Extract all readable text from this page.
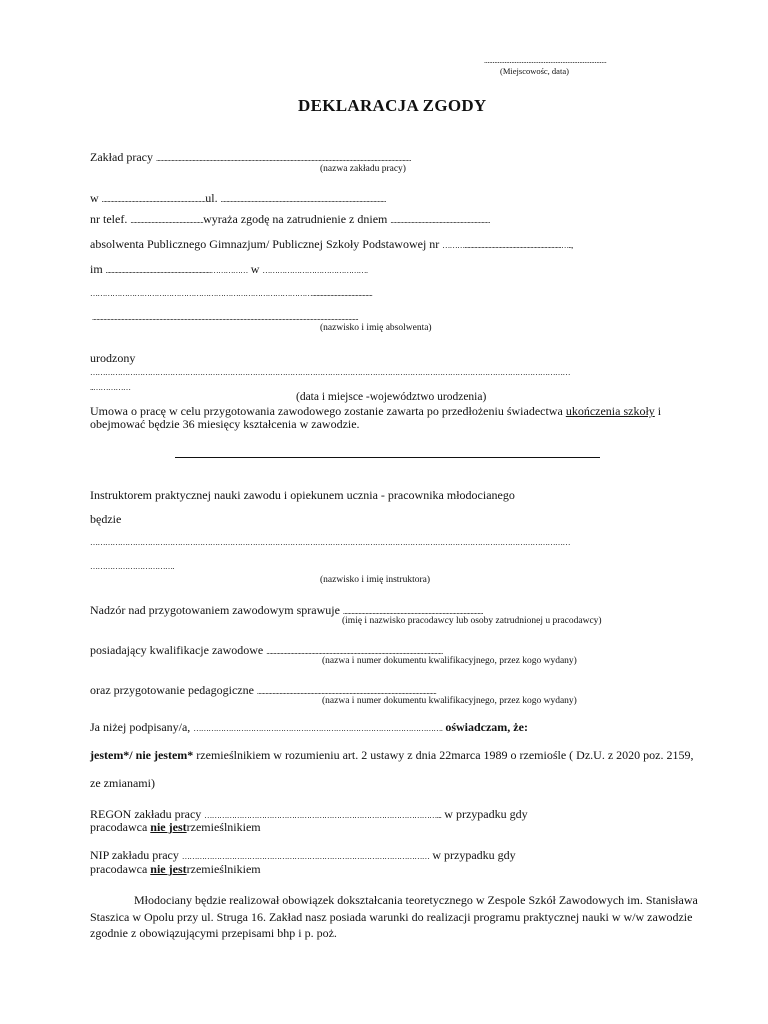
........................................................................
(Miejscowośc, data)
DEKLARACJA ZGODY
Zakład pracy ......................................................................................................................................................................................
(nazwa zakładu pracy)
w ..........................................................................ul. ......................................................................................................................
nr telef. ....................................................wyraża zgodę na zatrudnienie z dniem .......................................................................
absolwenta Publicznego Gimnazjum/ Publicznej Szkoły Podstawowej nr ……….....................................................................…..,
im ...........................................................................…………… w …………………………………….
………………………………………………………………………………...........................................
..............................................................................................................................................................................................
(nazwisko i imię absolwenta)
urodzony
…………………………………………………………………………………………………………………………………………………………………………
..……………
(data i miejsce -województwo urodzenia)
Umowa o pracę w celu przygotowania zawodowego zostanie zawarta po przedłożeniu świadectwa ukończenia szkoły i
obejmować będzie 36 miesięcy kształcenia w zawodzie.
Instruktorem praktycznej nauki zawodu i opiekunem ucznia - pracownika młodocianego
będzie
…………………………………………………………………………………………………………………………………………………………………………
…………………………….
(nazwisko i imię instruktora)
Nadzór nad przygotowaniem zawodowym sprawuje ....................................................................................................
(imię i nazwisko pracodawcy lub osoby zatrudnionej u pracodawcy)
posiadający kwalifikacje zawodowe ..............................................................................................................................
(nazwa i numer dokumentu kwalifikacyjnego, przez kogo wydany)
oraz przygotowanie pedagogiczne ................................................................................................................................
(nazwa i numer dokumentu kwalifikacyjnego, przez kogo wydany)
Ja niżej podpisany/a, ………………………………………………………………………………………. oświadczam, że:
jestem*/ nie jestem* rzemieślnikiem w rozumieniu art. 2 ustawy z dnia 22marca 1989 o rzemiośle ( Dz.U. z 2020 poz. 2159,
ze zmianami)
REGON zakładu pracy …………………………………………………………………………………... w przypadku gdy
pracodawca nie jestrzemieślnikiem
NIP zakładu pracy ……………………………………………………………………………………… w przypadku gdy
pracodawca nie jestrzemieślnikiem
Młodociany będzie realizował obowiązek dokształcania teoretycznego w Zespole Szkół Zawodowych im. Stanisława
Staszica w Opolu przy ul. Struga 16. Zakład nasz posiada warunki do realizacji programu praktycznej nauki w w/w zawodzie
zgodnie z obowiązującymi przepisami bhp i p. poż.
